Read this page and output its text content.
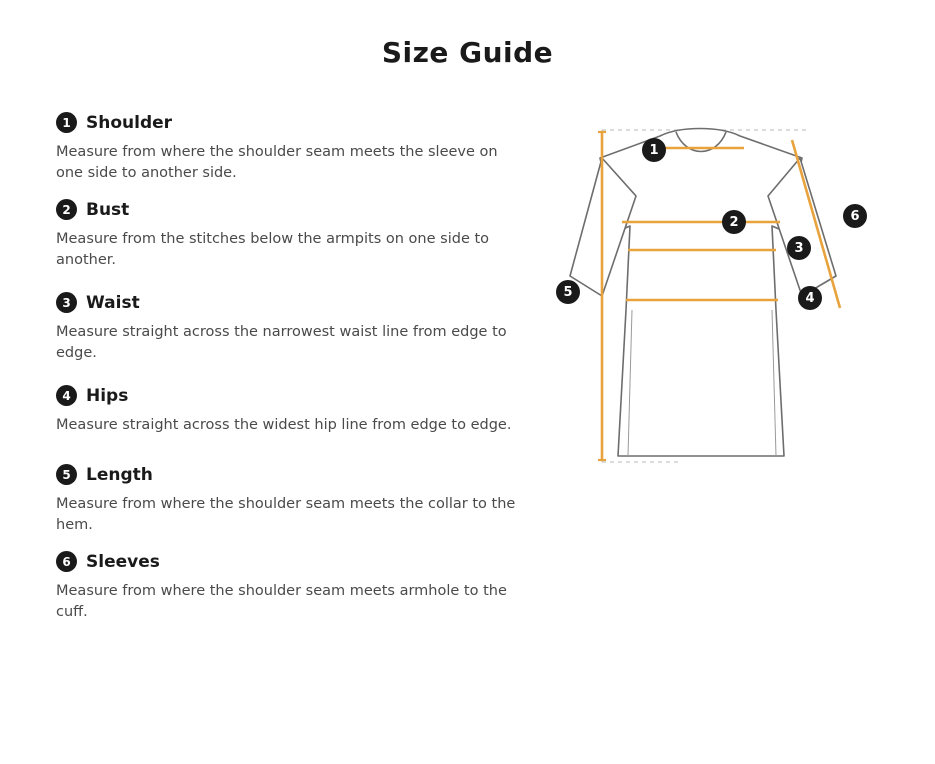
Size Guide
1 Shoulder
Measure from where the shoulder seam meets the sleeve on one side to another side.
2 Bust
Measure from the stitches below the armpits on one side to another.
3 Waist
Measure straight across the narrowest waist line from edge to edge.
4 Hips
Measure straight across the widest hip line from edge to edge.
5 Length
Measure from where the shoulder seam meets the collar to the hem.
6 Sleeves
Measure from where the shoulder seam meets armhole to the cuff.
1
2
3
4
5
6
